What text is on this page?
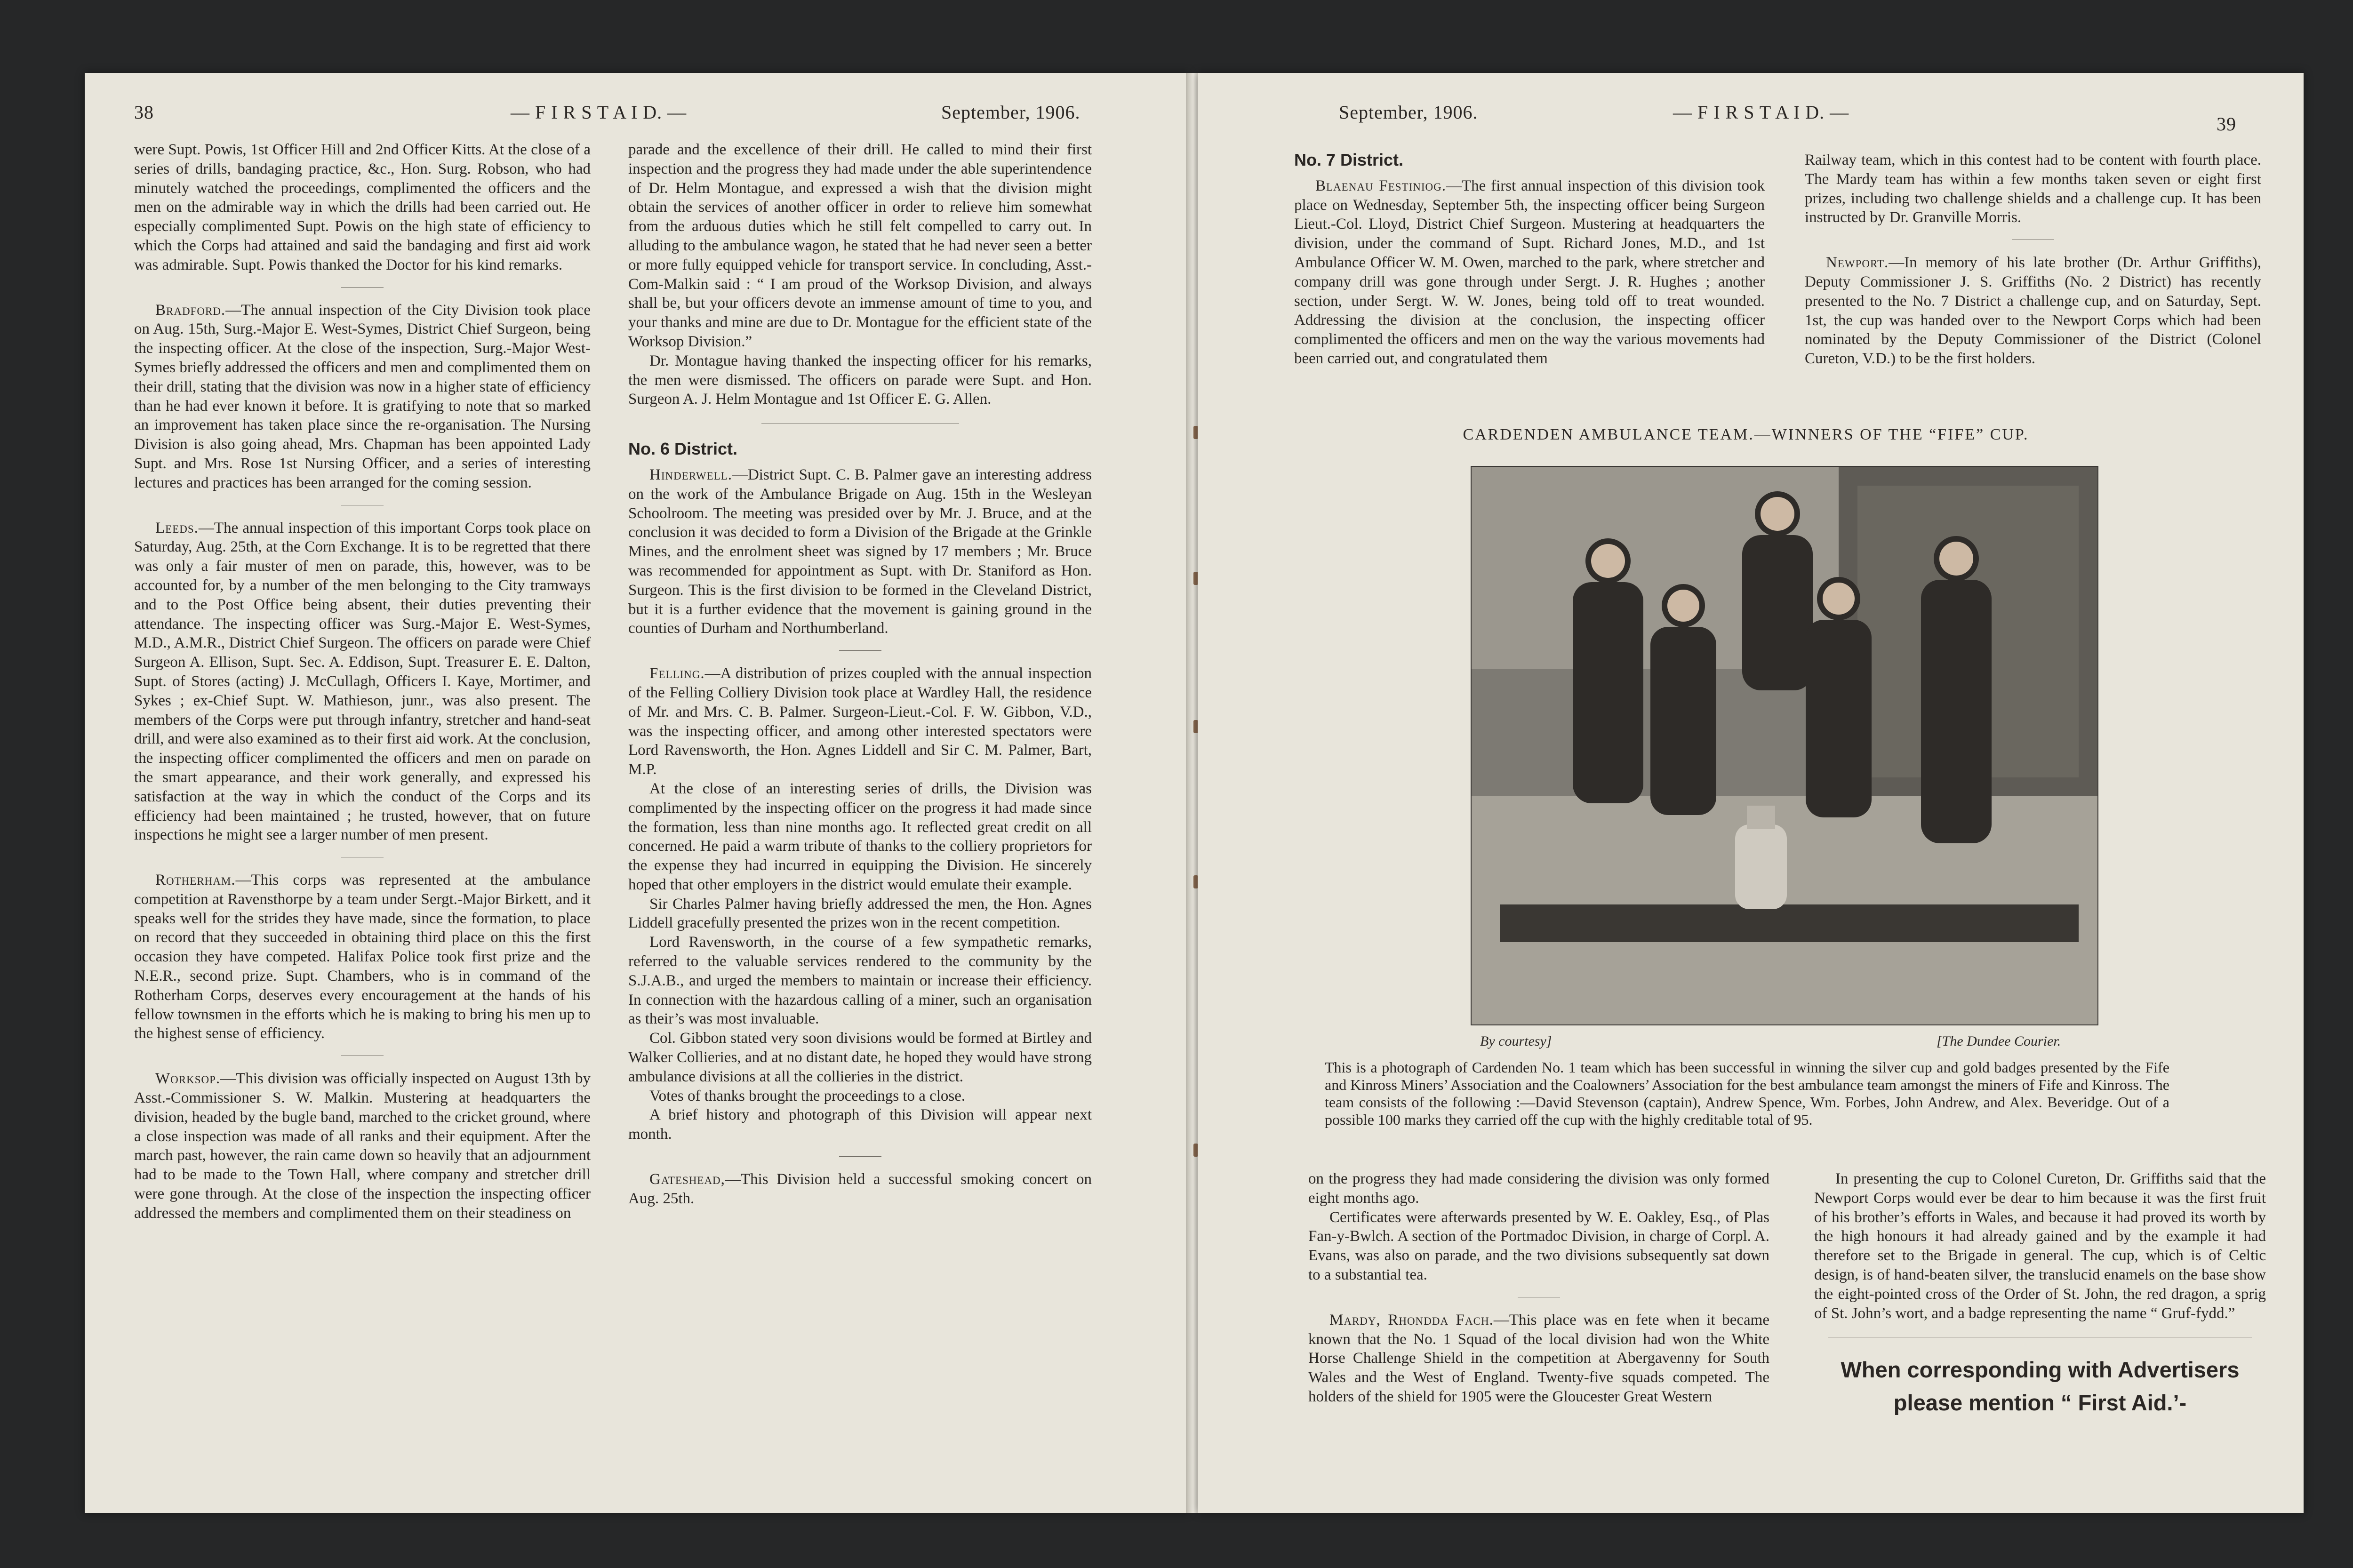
38	— F I R S T A I D. —	September, 1906.

were Supt. Powis, 1st Officer Hill and 2nd Officer Kitts. At the close of a series of drills, bandaging practice, &c., Hon. Surg. Robson, who had minutely watched the proceedings, complimented the officers and the men on the admirable way in which the drills had been carried out. He especially complimented Supt. Powis on the high state of efficiency to which the Corps had attained and said the bandaging and first aid work was admirable. Supt. Powis thanked the Doctor for his kind remarks.

Bradford.—The annual inspection of the City Division took place on Aug. 15th, Surg.-Major E. West-Symes, District Chief Surgeon, being the inspecting officer. At the close of the inspection, Surg.-Major West-Symes briefly addressed the officers and men and complimented them on their drill, stating that the division was now in a higher state of efficiency than he had ever known it before. It is gratifying to note that so marked an improvement has taken place since the re-organisation. The Nursing Division is also going ahead, Mrs. Chapman has been appointed Lady Supt. and Mrs. Rose 1st Nursing Officer, and a series of interesting lectures and practices has been arranged for the coming session.

Leeds.—The annual inspection of this important Corps took place on Saturday, Aug. 25th, at the Corn Exchange. It is to be regretted that there was only a fair muster of men on parade, this, however, was to be accounted for, by a number of the men belonging to the City tramways and to the Post Office being absent, their duties preventing their attendance. The inspecting officer was Surg.-Major E. West-Symes, M.D., A.M.R., District Chief Surgeon. The officers on parade were Chief Surgeon A. Ellison, Supt. Sec. A. Eddison, Supt. Treasurer E. E. Dalton, Supt. of Stores (acting) J. McCullagh, Officers I. Kaye, Mortimer, and Sykes ; ex-Chief Supt. W. Mathieson, junr., was also present. The members of the Corps were put through infantry, stretcher and hand-seat drill, and were also examined as to their first aid work. At the conclusion, the inspecting officer complimented the officers and men on parade on the smart appearance, and their work generally, and expressed his satisfaction at the way in which the conduct of the Corps and its efficiency had been maintained ; he trusted, however, that on future inspections he might see a larger number of men present.

Rotherham.—This corps was represented at the ambulance competition at Ravensthorpe by a team under Sergt.-Major Birkett, and it speaks well for the strides they have made, since the formation, to place on record that they succeeded in obtaining third place on this the first occasion they have competed. Halifax Police took first prize and the N.E.R., second prize. Supt. Chambers, who is in command of the Rotherham Corps, deserves every encouragement at the hands of his fellow townsmen in the efforts which he is making to bring his men up to the highest sense of efficiency.

Worksop.—This division was officially inspected on August 13th by Asst.-Commissioner S. W. Malkin. Mustering at headquarters the division, headed by the bugle band, marched to the cricket ground, where a close inspection was made of all ranks and their equipment. After the march past, however, the rain came down so heavily that an adjournment had to be made to the Town Hall, where company and stretcher drill were gone through. At the close of the inspection the inspecting officer addressed the members and complimented them on their steadiness on

parade and the excellence of their drill. He called to mind their first inspection and the progress they had made under the able superintendence of Dr. Helm Montague, and expressed a wish that the division might obtain the services of another officer in order to relieve him somewhat from the arduous duties which he still felt compelled to carry out. In alluding to the ambulance wagon, he stated that he had never seen a better or more fully equipped vehicle for transport service. In concluding, Asst.-Com-Malkin said : “ I am proud of the Worksop Division, and always shall be, but your officers devote an immense amount of time to you, and your thanks and mine are due to Dr. Montague for the efficient state of the Worksop Division.”

Dr. Montague having thanked the inspecting officer for his remarks, the men were dismissed. The officers on parade were Supt. and Hon. Surgeon A. J. Helm Montague and 1st Officer E. G. Allen.

No. 6 District.

Hinderwell.—District Supt. C. B. Palmer gave an interesting address on the work of the Ambulance Brigade on Aug. 15th in the Wesleyan Schoolroom. The meeting was presided over by Mr. J. Bruce, and at the conclusion it was decided to form a Division of the Brigade at the Grinkle Mines, and the enrolment sheet was signed by 17 members ; Mr. Bruce was recommended for appointment as Supt. with Dr. Staniford as Hon. Surgeon. This is the first division to be formed in the Cleveland District, but it is a further evidence that the movement is gaining ground in the counties of Durham and Northumberland.

Felling.—A distribution of prizes coupled with the annual inspection of the Felling Colliery Division took place at Wardley Hall, the residence of Mr. and Mrs. C. B. Palmer. Surgeon-Lieut.-Col. F. W. Gibbon, V.D., was the inspecting officer, and among other interested spectators were Lord Ravensworth, the Hon. Agnes Liddell and Sir C. M. Palmer, Bart, M.P.

At the close of an interesting series of drills, the Division was complimented by the inspecting officer on the progress it had made since the formation, less than nine months ago. It reflected great credit on all concerned. He paid a warm tribute of thanks to the colliery proprietors for the expense they had incurred in equipping the Division. He sincerely hoped that other employers in the district would emulate their example.

Sir Charles Palmer having briefly addressed the men, the Hon. Agnes Liddell gracefully presented the prizes won in the recent competition.

Lord Ravensworth, in the course of a few sympathetic remarks, referred to the valuable services rendered to the community by the S.J.A.B., and urged the members to maintain or increase their efficiency. In connection with the hazardous calling of a miner, such an organisation as their’s was most invaluable.

Col. Gibbon stated very soon divisions would be formed at Birtley and Walker Collieries, and at no distant date, he hoped they would have strong ambulance divisions at all the collieries in the district.

Votes of thanks brought the proceedings to a close.

A brief history and photograph of this Division will appear next month.

Gateshead,—This Division held a successful smoking concert on Aug. 25th.

September, 1906.	— F I R S T A I D. —
39
No. 7 District.

Blaenau Festiniog.—The first annual inspection of this division took place on Wednesday, September 5th, the inspecting officer being Surgeon Lieut.-Col. Lloyd, District Chief Surgeon. Mustering at headquarters the division, under the command of Supt. Richard Jones, M.D., and 1st Ambulance Officer W. M. Owen, marched to the park, where stretcher and company drill was gone through under Sergt. J. R. Hughes ; another section, under Sergt. W. W. Jones, being told off to treat wounded. Addressing the division at the conclusion, the inspecting officer complimented the officers and men on the way the various movements had been carried out, and congratulated them

Railway team, which in this contest had to be content with fourth place. The Mardy team has within a few months taken seven or eight first prizes, including two challenge shields and a challenge cup. It has been instructed by Dr. Granville Morris.

Newport.—In memory of his late brother (Dr. Arthur Griffiths), Deputy Commissioner J. S. Griffiths (No. 2 District) has recently presented to the No. 7 District a challenge cup, and on Saturday, Sept. 1st, the cup was handed over to the Newport Corps which had been nominated by the Deputy Commissioner of the District (Colonel Cureton, V.D.) to be the first holders.

CARDENDEN AMBULANCE TEAM.—WINNERS OF THE “FIFE” CUP.
By courtesy]	[The Dundee Courier.
This is a photograph of Cardenden No. 1 team which has been successful in winning the silver cup and gold badges presented by the Fife and Kinross Miners’ Association and the Coalowners’ Association for the best ambulance team amongst the miners of Fife and Kinross. The team consists of the following :—David Stevenson (captain), Andrew Spence, Wm. Forbes, John Andrew, and Alex. Beveridge. Out of a possible 100 marks they carried off the cup with the highly creditable total of 95.

on the progress they had made considering the division was only formed eight months ago.

Certificates were afterwards presented by W. E. Oakley, Esq., of Plas Fan-y-Bwlch. A section of the Portmadoc Division, in charge of Corpl. A. Evans, was also on parade, and the two divisions subsequently sat down to a substantial tea.

Mardy, Rhondda Fach.—This place was en fete when it became known that the No. 1 Squad of the local division had won the White Horse Challenge Shield in the competition at Abergavenny for South Wales and the West of England. Twenty-five squads competed. The holders of the shield for 1905 were the Gloucester Great Western

In presenting the cup to Colonel Cureton, Dr. Griffiths said that the Newport Corps would ever be dear to him because it was the first fruit of his brother’s efforts in Wales, and because it had proved its worth by the high honours it had already gained and by the example it had therefore set to the Brigade in general. The cup, which is of Celtic design, is of hand-beaten silver, the translucid enamels on the base show the eight-pointed cross of the Order of St. John, the red dragon, a sprig of St. John’s wort, and a badge representing the name “ Gruf-fydd.”

When corresponding with Advertisers
please mention “ First Aid.’-
